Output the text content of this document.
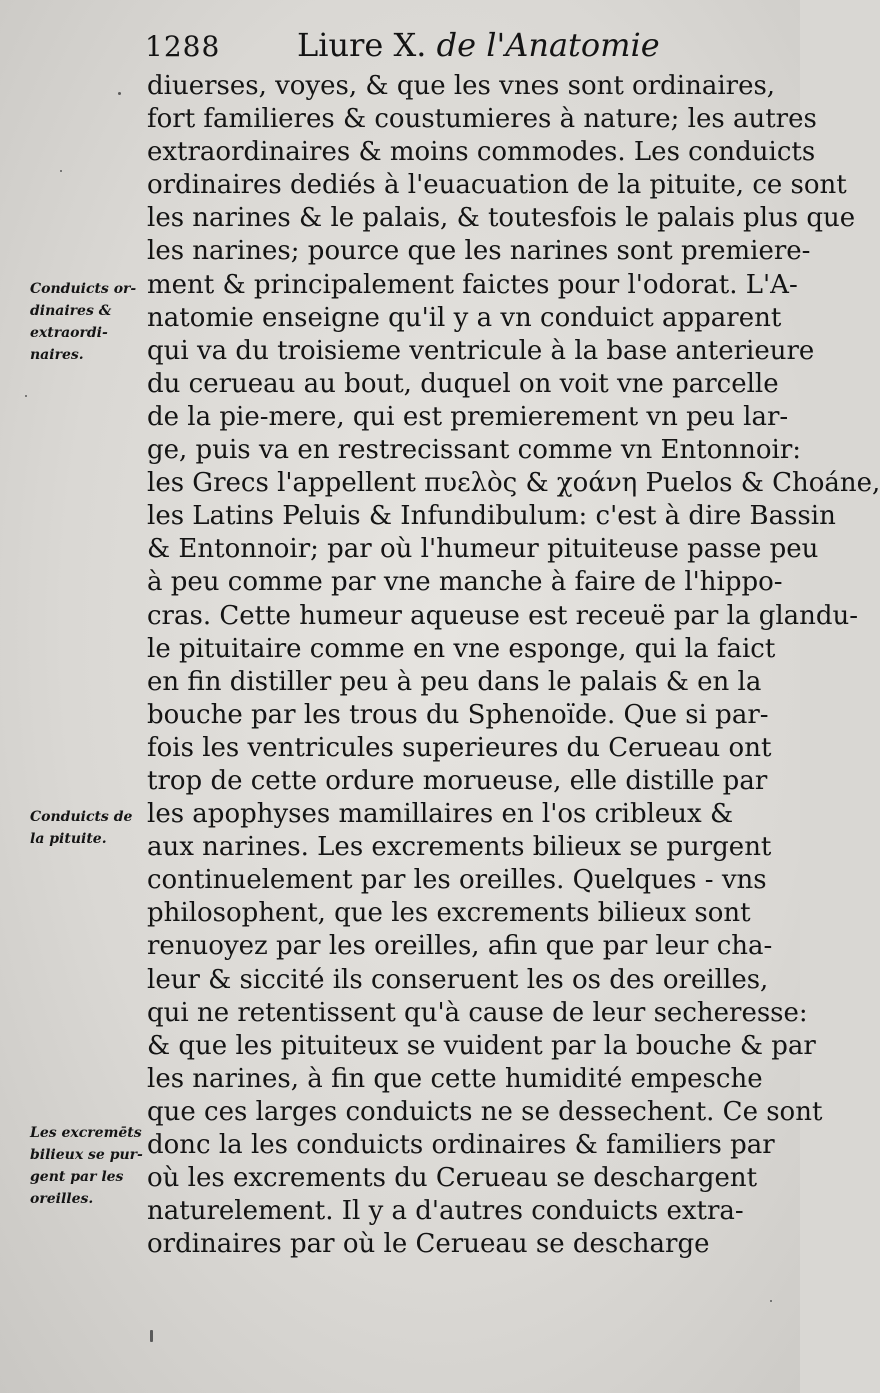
1288 Liure X. de l'Anatomie
diuerses, voyes, & que les vnes sont ordinaires,
fort familieres & coustumieres à nature; les autres
extraordinaires & moins commodes. Les conduicts
ordinaires dediés à l'euacuation de la pituite, ce sont
les narines & le palais, & toutesfois le palais plus que
les narines; pource que les narines sont premiere-
ment & principalement faictes pour l'odorat. L'A-
natomie enseigne qu'il y a vn conduict apparent
qui va du troisieme ventricule à la base anterieure
du cerueau au bout, duquel on voit vne parcelle
de la pie-mere, qui est premierement vn peu lar-
ge, puis va en restrecissant comme vn Entonnoir:
les Grecs l'appellent πυελὸς & χοάνη Puelos & Choáne,
les Latins Peluis & Infundibulum: c'est à dire Bassin
& Entonnoir; par où l'humeur pituiteuse passe peu
à peu comme par vne manche à faire de l'hippo-
cras. Cette humeur aqueuse est receuë par la glandu-
le pituitaire comme en vne esponge, qui la faict
en fin distiller peu à peu dans le palais & en la
bouche par les trous du Sphenoïde. Que si par-
fois les ventricules superieures du Cerueau ont
trop de cette ordure morueuse, elle distille par
les apophyses mamillaires en l'os cribleux &
aux narines. Les excrements bilieux se purgent
continuelement par les oreilles. Quelques - vns
philosophent, que les excrements bilieux sont
renuoyez par les oreilles, afin que par leur cha-
leur & siccité ils conseruent les os des oreilles,
qui ne retentissent qu'à cause de leur secheresse:
& que les pituiteux se vuident par la bouche & par
les narines, à fin que cette humidité empesche
que ces larges conduicts ne se dessechent. Ce sont
donc la les conduicts ordinaires & familiers par
où les excrements du Cerueau se deschargent
naturelement. Il y a d'autres conduicts extra-
ordinaires par où le Cerueau se descharge
Conduicts or-
dinaires &
extraordi-
naires.
Conduicts de
la pituite.
Les excremēts
bilieux se pur-
gent par les
oreilles.
